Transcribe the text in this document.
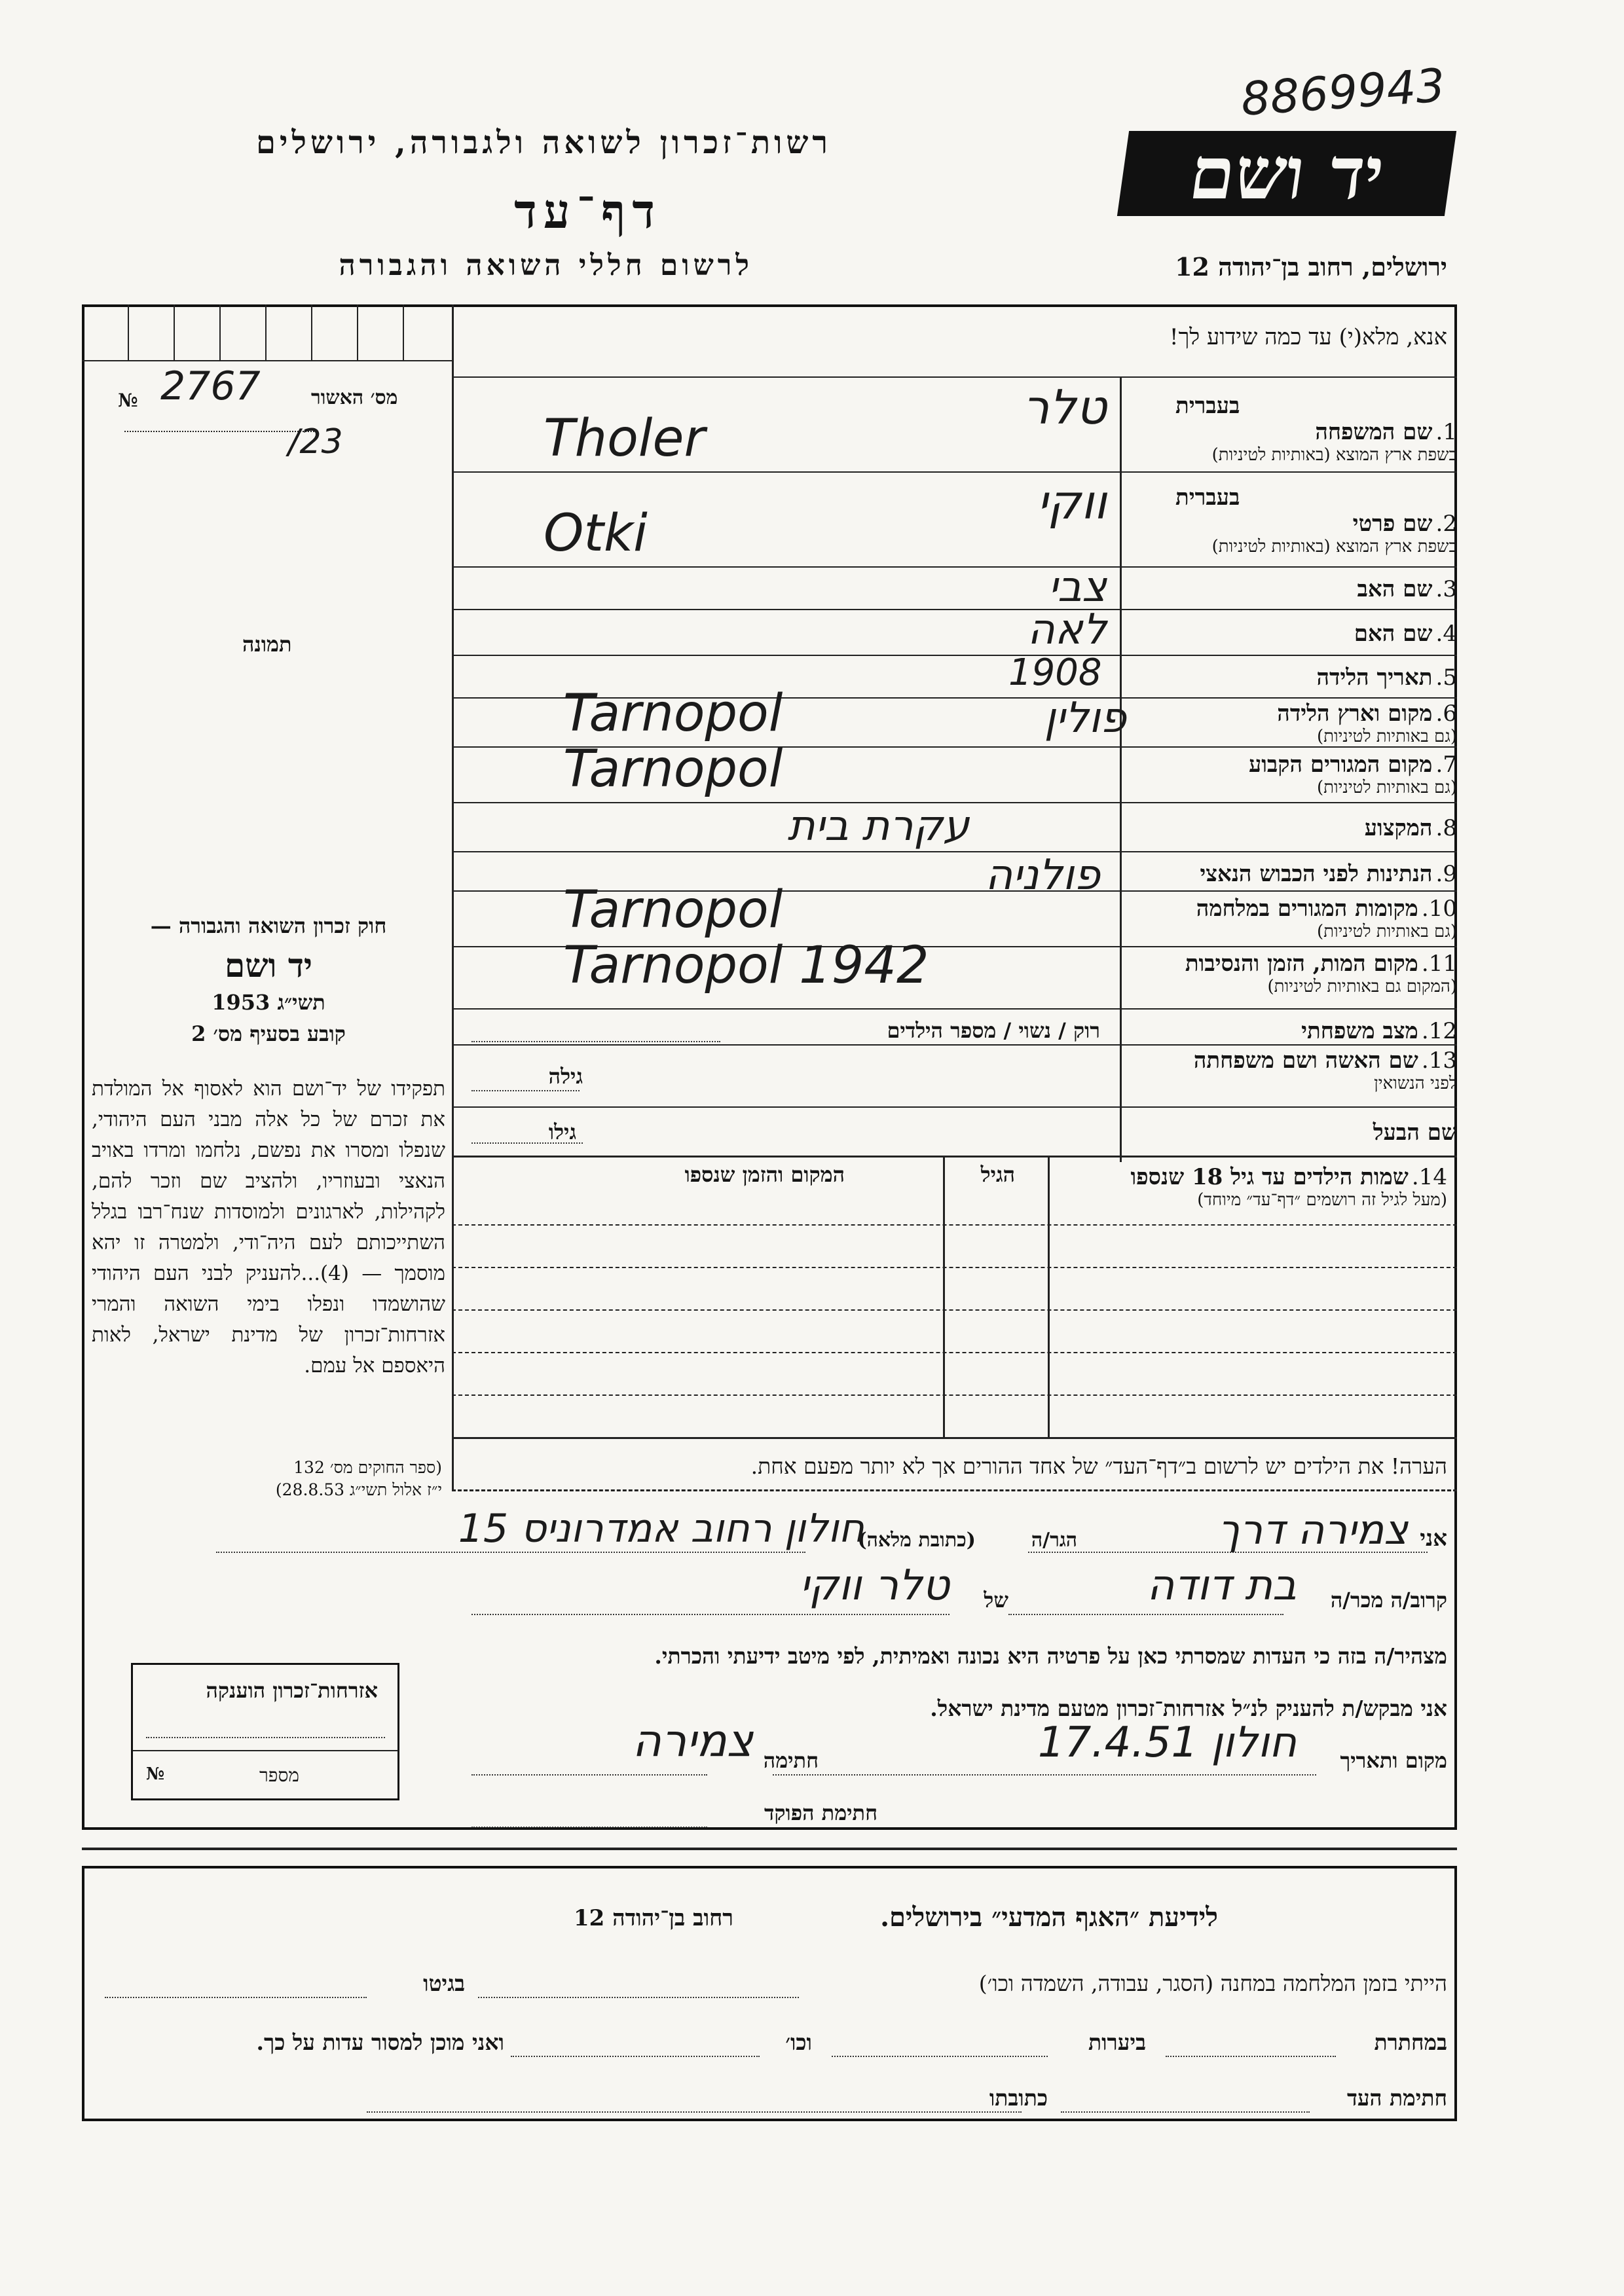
8869943
יד ושם
רשות־זכרון לשואה ולגבורה, ירושלים
דף־עד
לרשום חללי השואה והגבורה	ירושלים, רחוב בן־יהודה 12
מס׳ האשור
№ 2767
/23
תמונה
חוק זכרון השואה והגבורה —
יד ושם
תשי״ג 1953
קובע בסעיף מס׳ 2
תפקידו של יד־ושם הוא לאסוף אל המולדת את זכרם של כל אלה מבני העם היהודי, שנפלו ומסרו את נפשם, נלחמו ומרדו באויב הנאצי ובעוזריו, ולהציב שם וזכר להם, לקהילות, לארגונים ולמוסדות שנח־רבו בגלל השתייכותם לעם היה־ודי, ולמטרה זו יהא מוסמך — (4)...להעניק לבני העם היהודי שהושמדו ונפלו בימי השואה והמרי אזרחות־זכרון של מדינת ישראל, לאות היאספם אל עמם.
(ספר החוקים מס׳ 132
י״ז אלול תשי״ג 28.8.53)
אנא, מלא(י) עד כמה שידוע לך!
בעברית
1. שם המשפחה
בשפת ארץ המוצא (באותיות לטיניות)
בעברית
2. שם פרטי
בשפת ארץ המוצא (באותיות לטיניות)
3. שם האב
4. שם האם
5. תאריך הלידה
6. מקום וארץ הלידה
(גם באותיות לטיניות)
7. מקום המגורים הקבוע
(גם באותיות לטיניות)
8. המקצוע
9. הנתינות לפני הכבוש הנאצי
10. מקומות המגורים במלחמה
(גם באותיות לטיניות)
11. מקום המות, הזמן והנסיבות
(המקום גם באותיות לטיניות)
12. מצב משפחתי
13. שם האשה ושם משפחתה
לפני הנשואין
שם הבעל
טלר
Tholer
ווקי
Otki
צבי
לאה
1908
פולין
Tarnopol
Tarnopol
עקרת בית
פולניה
Tarnopol
Tarnopol 1942
רוק / נשוי / מספר הילדים
גילה
גילו
14. שמות הילדים עד גיל 18 שנספו
(מעל לגיל זה רושמים ״דף־עד״ מיוחד)
הגיל
המקום והזמן שנספו
הערה! את הילדים יש לרשום ב״דף־העד״ של אחד ההורים אך לא יותר מפעם אחת.
אני
צמירה דרך
הגר/ה
(כתובת מלאה)
חולון רחוב אמדרוניס 15
קרוב/ה מכר/ה
בת דודה
של
טלר ווקי
מצהיר/ה בזה כי העדות שמסרתי כאן על פרטיה היא נכונה ואמיתית, לפי מיטב ידיעתי והכרתי.
אני מבקש/ת להעניק לנ״ל אזרחות־זכרון מטעם מדינת ישראל.
מקום ותאריך
חולון 17.4.51
חתימה
צמירה
חתימת הפוקד
אזרחות־זכרון הוענקה
מספר
№
לידיעת ״האגף המדעי״ בירושלים.
רחוב בן־יהודה 12
הייתי בזמן המלחמה במחנה (הסגר, עבודה, השמדה וכו׳)
בגיטו
במחתרת
ביערות
וכו׳
ואני מוכן למסור עדות על כך.
חתימת העד
כתובתו
